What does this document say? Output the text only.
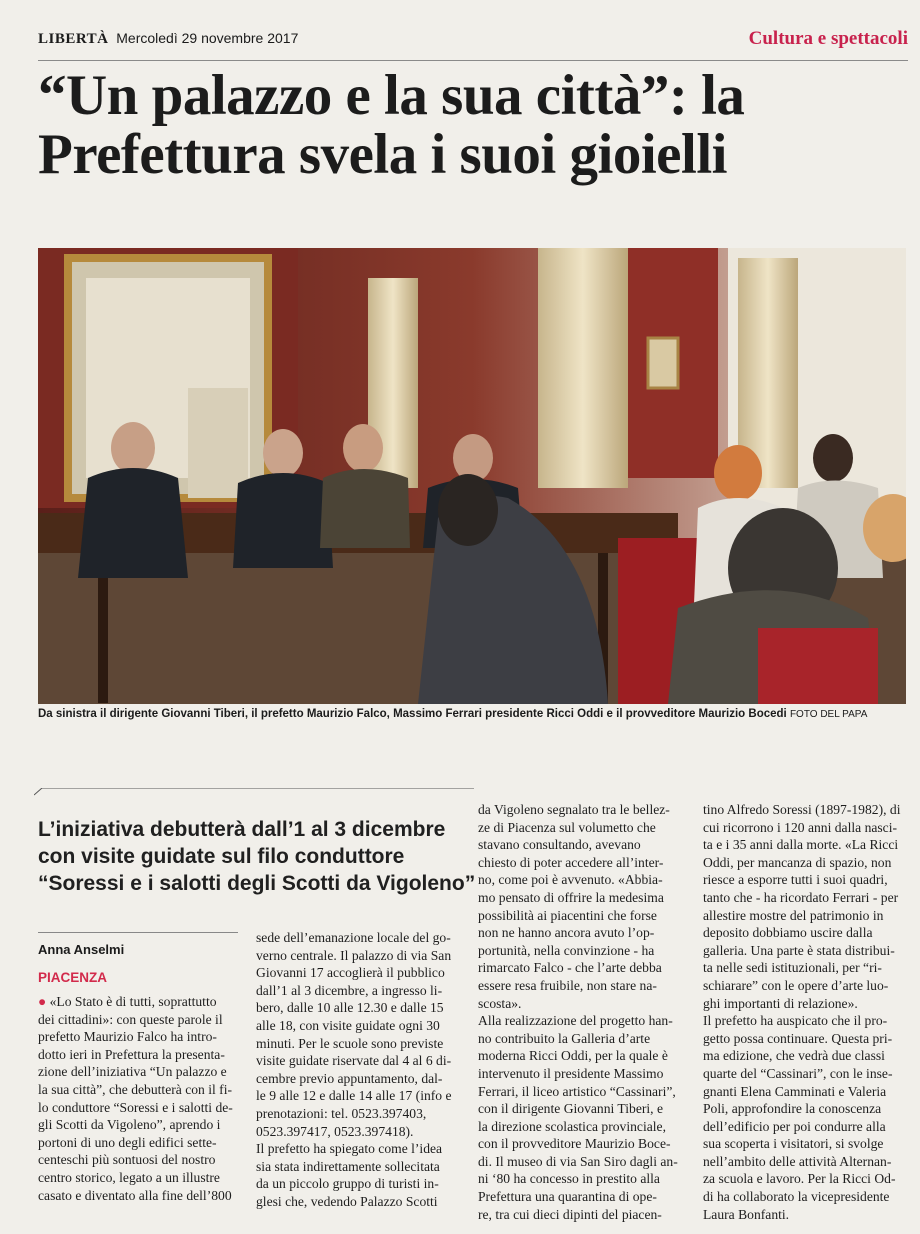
LIBERTÀ Mercoledì 29 novembre 2017	Cultura e spettacoli
“Un palazzo e la sua città”: la
Prefettura svela i suoi gioielli

Da sinistra il dirigente Giovanni Tiberi, il prefetto Maurizio Falco, Massimo Ferrari presidente Ricci Oddi e il provveditore Maurizio Bocedi FOTO DEL PAPA

L’iniziativa debutterà dall’1 al 3 dicembre
con visite guidate sul filo conduttore
“Soressi e i salotti degli Scotti da Vigoleno”

Anna Anselmi

PIACENZA

● «Lo Stato è di tutti, soprattutto
dei cittadini»: con queste parole il
prefetto Maurizio Falco ha intro-
dotto ieri in Prefettura la presenta-
zione dell’iniziativa “Un palazzo e
la sua città”, che debutterà con il fi-
lo conduttore “Soressi e i salotti de-
gli Scotti da Vigoleno”, aprendo i
portoni di uno degli edifici sette-
centeschi più sontuosi del nostro
centro storico, legato a un illustre
casato e diventato alla fine dell’800
sede dell’emanazione locale del go-
verno centrale. Il palazzo di via San
Giovanni 17 accoglierà il pubblico
dall’1 al 3 dicembre, a ingresso li-
bero, dalle 10 alle 12.30 e dalle 15
alle 18, con visite guidate ogni 30
minuti. Per le scuole sono previste
visite guidate riservate dal 4 al 6 di-
cembre previo appuntamento, dal-
le 9 alle 12 e dalle 14 alle 17 (info e
prenotazioni: tel. 0523.397403,
0523.397417, 0523.397418).
Il prefetto ha spiegato come l’idea
sia stata indirettamente sollecitata
da un piccolo gruppo di turisti in-
glesi che, vedendo Palazzo Scotti
da Vigoleno segnalato tra le bellez-
ze di Piacenza sul volumetto che
stavano consultando, avevano
chiesto di poter accedere all’inter-
no, come poi è avvenuto. «Abbia-
mo pensato di offrire la medesima
possibilità ai piacentini che forse
non ne hanno ancora avuto l’op-
portunità, nella convinzione - ha
rimarcato Falco - che l’arte debba
essere resa fruibile, non stare na-
scosta».
Alla realizzazione del progetto han-
no contribuito la Galleria d’arte
moderna Ricci Oddi, per la quale è
intervenuto il presidente Massimo
Ferrari, il liceo artistico “Cassinari”,
con il dirigente Giovanni Tiberi, e
la direzione scolastica provinciale,
con il provveditore Maurizio Boce-
di. Il museo di via San Siro dagli an-
ni ‘80 ha concesso in prestito alla
Prefettura una quarantina di ope-
re, tra cui dieci dipinti del piacen-
tino Alfredo Soressi (1897-1982), di
cui ricorrono i 120 anni dalla nasci-
ta e i 35 anni dalla morte. «La Ricci
Oddi, per mancanza di spazio, non
riesce a esporre tutti i suoi quadri,
tanto che - ha ricordato Ferrari - per
allestire mostre del patrimonio in
deposito dobbiamo uscire dalla
galleria. Una parte è stata distribui-
ta nelle sedi istituzionali, per “ri-
schiarare” con le opere d’arte luo-
ghi importanti di relazione».
Il prefetto ha auspicato che il pro-
getto possa continuare. Questa pri-
ma edizione, che vedrà due classi
quarte del “Cassinari”, con le inse-
gnanti Elena Camminati e Valeria
Poli, approfondire la conoscenza
dell’edificio per poi condurre alla
sua scoperta i visitatori, si svolge
nell’ambito delle attività Alternan-
za scuola e lavoro. Per la Ricci Od-
di ha collaborato la vicepresidente
Laura Bonfanti.
